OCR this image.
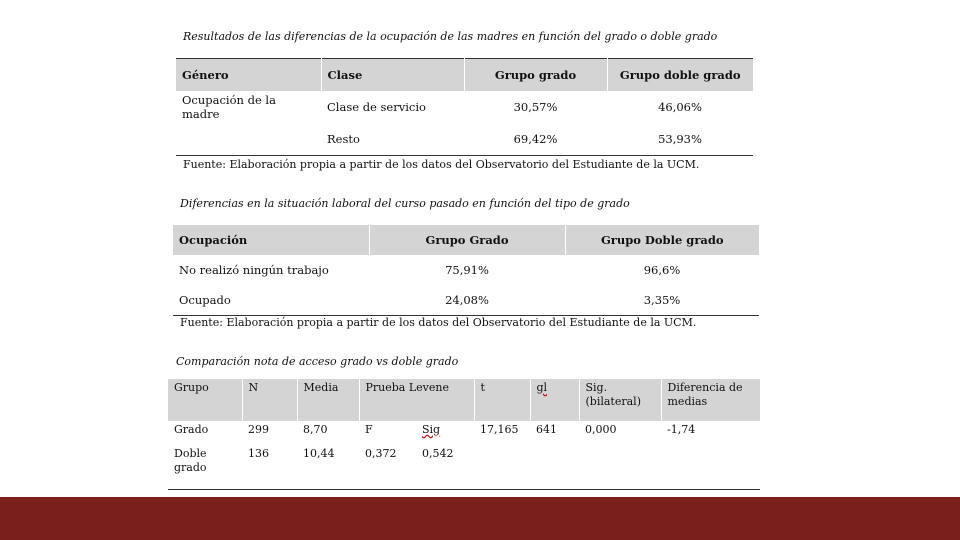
Resultados de las diferencias de la ocupación de las madres en función del grado o doble grado
Género	Clase	Grupo grado	Grupo doble grado
Ocupación de la madre	Clase de servicio	30,57%	46,06%
	Resto	69,42%	53,93%
Fuente: Elaboración propia a partir de los datos del Observatorio del Estudiante de la UCM.
Diferencias en la situación laboral del curso pasado en función del tipo de grado
Ocupación	Grupo Grado	Grupo Doble grado
No realizó ningún trabajo	75,91%	96,6%
Ocupado	24,08%	3,35%
Fuente: Elaboración propia a partir de los datos del Observatorio del Estudiante de la UCM.
Comparación nota de acceso grado vs doble grado
Grupo	N	Media	Prueba Levene		t	gl	Sig. (bilateral)	Diferencia de medias
Grado	299	8,70	F	Sig	17,165	641	0,000	-1,74
Doble grado	136	10,44	0,372	0,542				
